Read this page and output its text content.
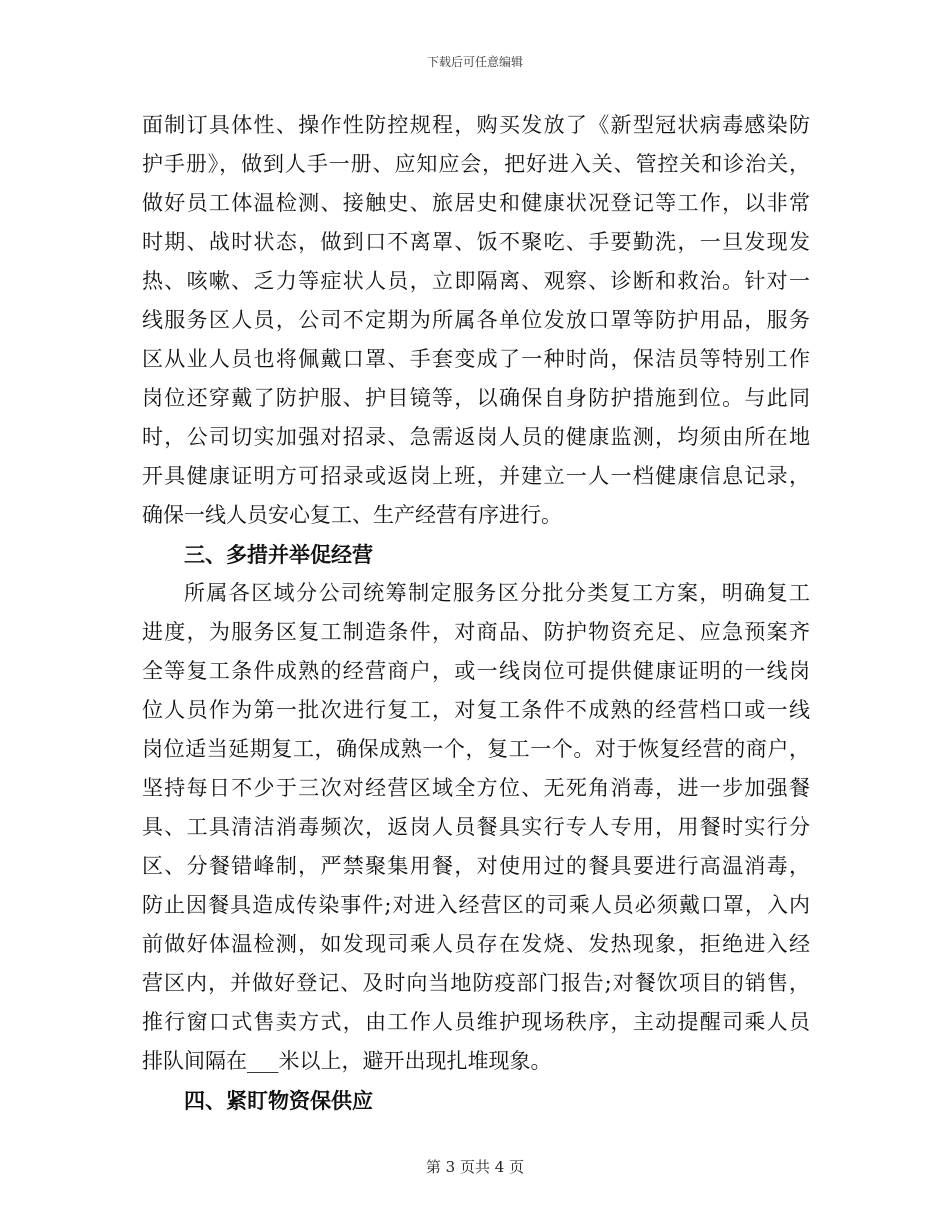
下载后可任意编辑
面制订具体性、操作性防控规程，购买发放了《新型冠状病毒感染防
护手册》，做到人手一册、应知应会，把好进入关、管控关和诊治关，
做好员工体温检测、接触史、旅居史和健康状况登记等工作，以非常
时期、战时状态，做到口不离罩、饭不聚吃、手要勤洗，一旦发现发
热、咳嗽、乏力等症状人员，立即隔离、观察、诊断和救治。针对一
线服务区人员，公司不定期为所属各单位发放口罩等防护用品，服务
区从业人员也将佩戴口罩、手套变成了一种时尚，保洁员等特别工作
岗位还穿戴了防护服、护目镜等，以确保自身防护措施到位。与此同
时，公司切实加强对招录、急需返岗人员的健康监测，均须由所在地
开具健康证明方可招录或返岗上班，并建立一人一档健康信息记录，
确保一线人员安心复工、生产经营有序进行。
三、多措并举促经营
所属各区域分公司统筹制定服务区分批分类复工方案，明确复工
进度，为服务区复工制造条件，对商品、防护物资充足、应急预案齐
全等复工条件成熟的经营商户，或一线岗位可提供健康证明的一线岗
位人员作为第一批次进行复工，对复工条件不成熟的经营档口或一线
岗位适当延期复工，确保成熟一个，复工一个。对于恢复经营的商户，
坚持每日不少于三次对经营区域全方位、无死角消毒，进一步加强餐
具、工具清洁消毒频次，返岗人员餐具实行专人专用，用餐时实行分
区、分餐错峰制，严禁聚集用餐，对使用过的餐具要进行高温消毒，
防止因餐具造成传染事件;对进入经营区的司乘人员必须戴口罩，入内
前做好体温检测，如发现司乘人员存在发烧、发热现象，拒绝进入经
营区内，并做好登记、及时向当地防疫部门报告;对餐饮项目的销售，
推行窗口式售卖方式，由工作人员维护现场秩序，主动提醒司乘人员
排队间隔在___米以上，避开出现扎堆现象。
四、紧盯物资保供应
第 3 页共 4 页
